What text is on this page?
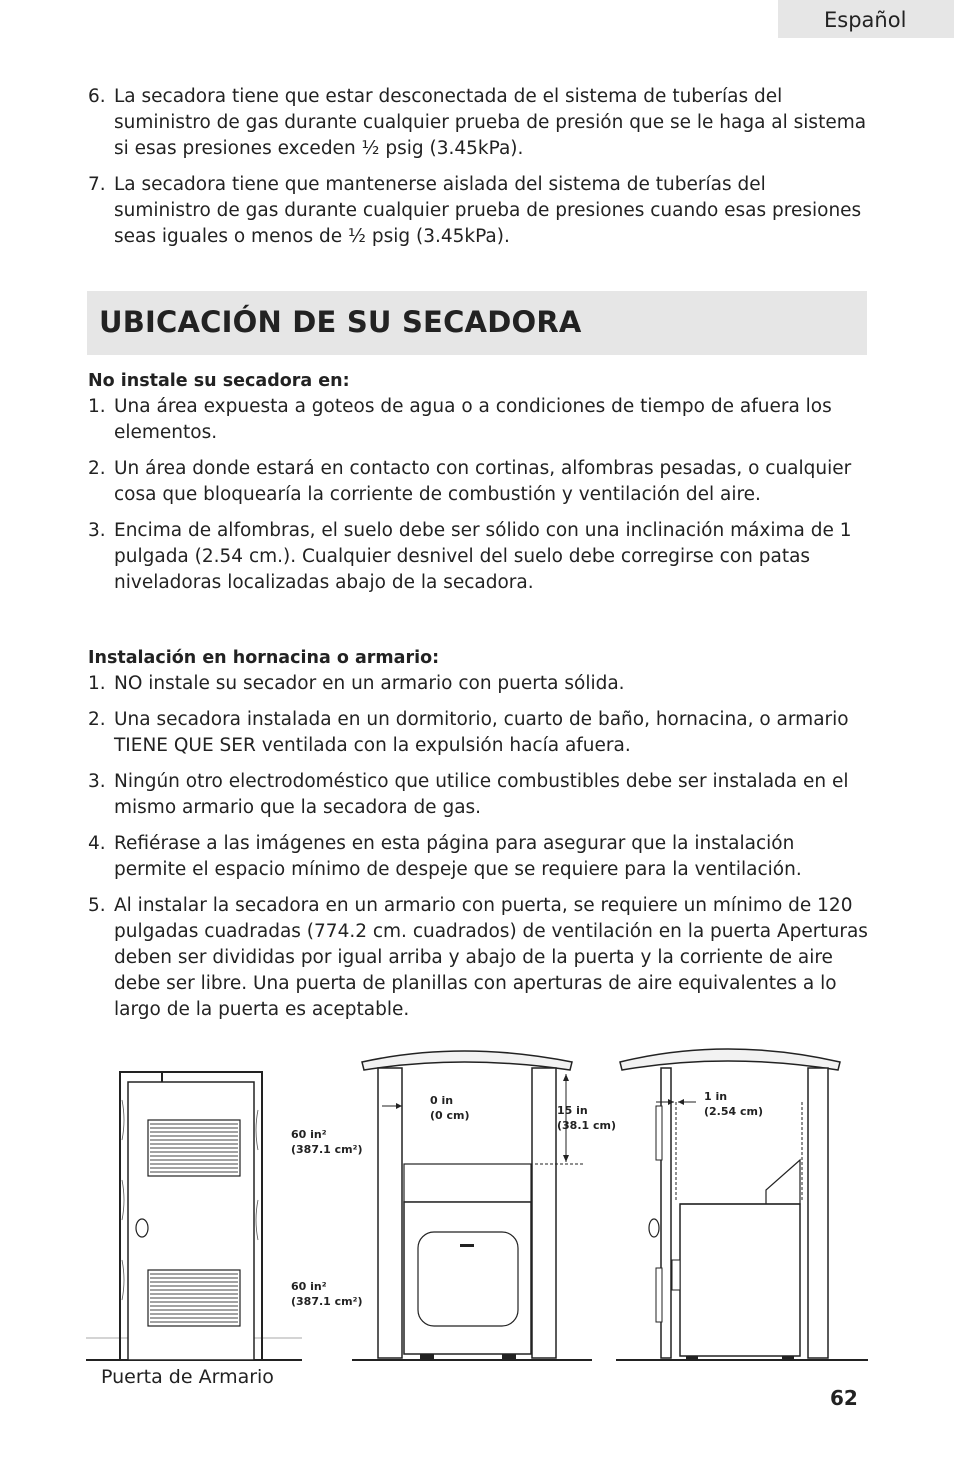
Español
6. La secadora tiene que estar desconectada de el sistema de tuberías del suministro de gas durante cualquier prueba de presión que se le haga al sistema si esas presiones exceden ½ psig (3.45kPa).
7. La secadora tiene que mantenerse aislada del sistema de tuberías del suministro de gas durante cualquier prueba de presiones cuando esas presiones seas iguales o menos de ½ psig (3.45kPa).
UBICACIÓN DE SU SECADORA

No instale su secadora en:

1. Una área expuesta a goteos de agua o a condiciones de tiempo de afuera los elementos.
2. Un área donde estará en contacto con cortinas, alfombras pesadas, o cualquier cosa que bloquearía la corriente de combustión y ventilación del aire.
3. Encima de alfombras, el suelo debe ser sólido con una inclinación máxima de 1 pulgada (2.54 cm.). Cualquier desnivel del suelo debe corregirse con patas niveladoras localizadas abajo de la secadora.

Instalación en hornacina o armario:

1. NO instale su secador en un armario con puerta sólida.
2. Una secadora instalada en un dormitorio, cuarto de baño, hornacina, o armario TIENE QUE SER ventilada con la expulsión hacía afuera.
3. Ningún otro electrodoméstico que utilice combustibles debe ser instalada en el mismo armario que la secadora de gas.
4. Refiérase a las imágenes en esta página para asegurar que la instalación permite el espacio mínimo de despeje que se requiere para la ventilación.
5. Al instalar la secadora en un armario con puerta, se requiere un mínimo de 120 pulgadas cuadradas (774.2 cm. cuadrados) de ventilación en la puerta Aperturas deben ser divididas por igual arriba y abajo de la puerta y la corriente de aire debe ser libre. Una puerta de planillas con aperturas de aire equivalentes a lo largo de la puerta es aceptable.
60 in²
(387.1 cm²)
60 in²
(387.1 cm²)
0 in
(0 cm)	15 in
(38.1 cm)
1 in
(2.54 cm)
Puerta de Armario
62
